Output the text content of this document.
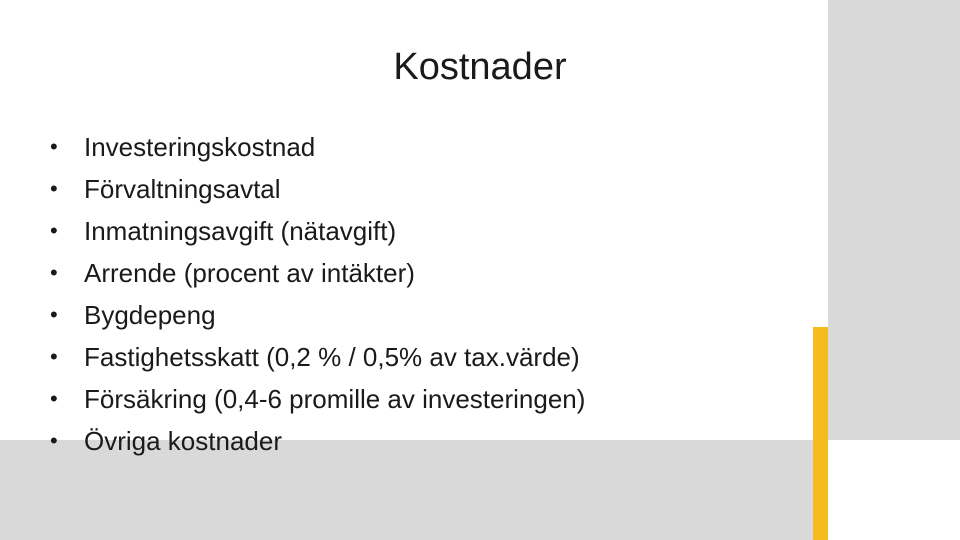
Kostnader
•	Investeringskostnad
•	Förvaltningsavtal
•	Inmatningsavgift (nätavgift)
•	Arrende (procent av intäkter)
•	Bygdepeng
•	Fastighetsskatt (0,2 % / 0,5% av tax.värde)
•	Försäkring (0,4-6 promille av investeringen)
•	Övriga kostnader
